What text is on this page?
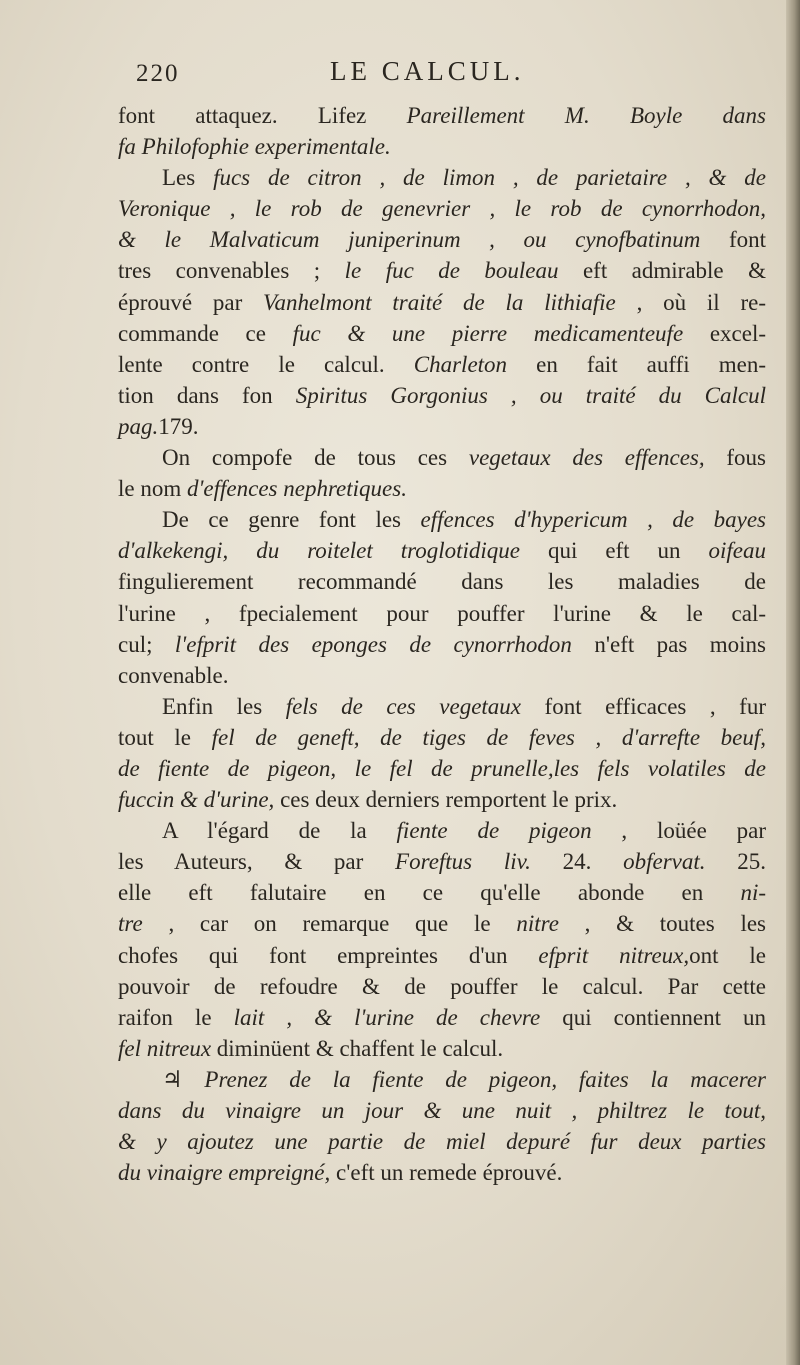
220	LE CALCUL.
font attaquez. Lifez Pareillement M. Boyle dans
fa Philofophie experimentale.
Les fucs de citron , de limon , de parietaire , & de
Veronique , le rob de genevrier , le rob de cynorrhodon,
& le Malvaticum juniperinum , ou cynofbatinum font
tres convenables ; le fuc de bouleau eft admirable &
éprouvé par Vanhelmont traité de la lithiafie , où il re-
commande ce fuc & une pierre medicamenteufe excel-
lente contre le calcul. Charleton en fait auffi men-
tion dans fon Spiritus Gorgonius , ou traité du Calcul
pag.179.
On compofe de tous ces vegetaux des effences, fous
le nom d'effences nephretiques.
De ce genre font les effences d'hypericum , de bayes
d'alkekengi, du roitelet troglotidique qui eft un oifeau
fingulierement recommandé dans les maladies de
l'urine , fpecialement pour pouffer l'urine & le cal-
cul; l'efprit des eponges de cynorrhodon n'eft pas moins
convenable.
Enfin les fels de ces vegetaux font efficaces , fur
tout le fel de geneft, de tiges de feves , d'arrefte beuf,
de fiente de pigeon, le fel de prunelle,les fels volatiles de
fuccin & d'urine, ces deux derniers remportent le prix.
A l'égard de la fiente de pigeon , loüée par
les Auteurs, & par Foreftus liv. 24. obfervat. 25.
elle eft falutaire en ce qu'elle abonde en ni-
tre , car on remarque que le nitre , & toutes les
chofes qui font empreintes d'un efprit nitreux,ont le
pouvoir de refoudre & de pouffer le calcul. Par cette
raifon le lait , & l'urine de chevre qui contiennent un
fel nitreux diminüent & chaffent le calcul.
♃ Prenez de la fiente de pigeon, faites la macerer
dans du vinaigre un jour & une nuit , philtrez le tout,
& y ajoutez une partie de miel depuré fur deux parties
du vinaigre empreigné, c'eft un remede éprouvé.
